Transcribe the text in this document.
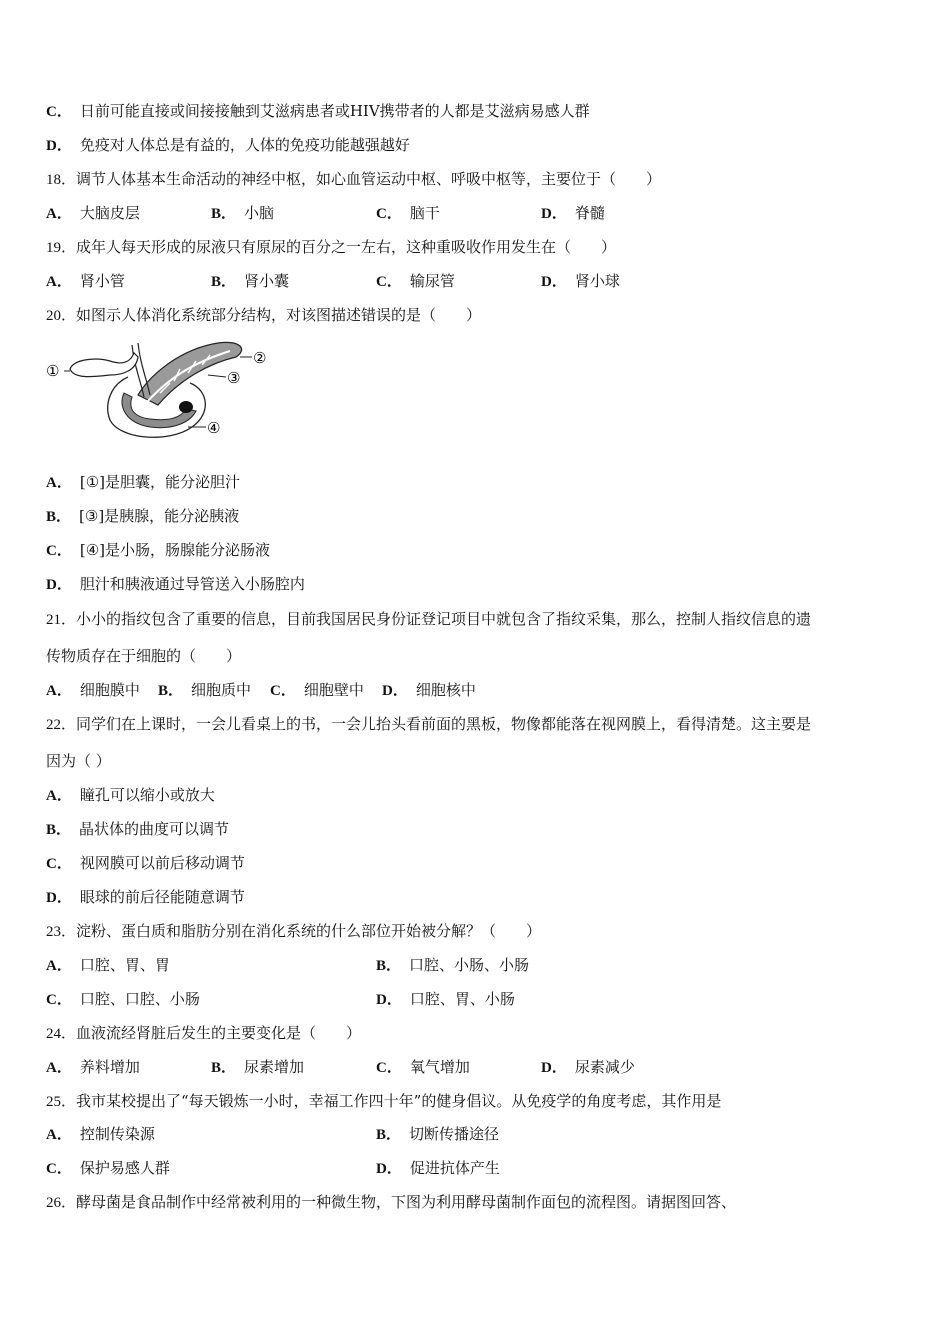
C． 日前可能直接或间接接触到艾滋病患者或HIV携带者的人都是艾滋病易感人群
D． 免疫对人体总是有益的，人体的免疫功能越强越好
18．调节人体基本生命活动的神经中枢，如心血管运动中枢、呼吸中枢等，主要位于（　　）
A． 大脑皮层	B． 小脑	C． 脑干	D． 脊髓
19．成年人每天形成的尿液只有原尿的百分之一左右，这种重吸收作用发生在（　　）
A． 肾小管	B． 肾小囊	C． 输尿管	D． 肾小球
20．如图示人体消化系统部分结构，对该图描述错误的是（　　）
①
②
③
④
A． [①]是胆囊，能分泌胆汁
B． [③]是胰腺，能分泌胰液
C． [④]是小肠，肠腺能分泌肠液
D． 胆汁和胰液通过导管送入小肠腔内
21．小小的指纹包含了重要的信息，目前我国居民身份证登记项目中就包含了指纹采集，那么，控制人指纹信息的遗
传物质存在于细胞的（　　）
A． 细胞膜中 B． 细胞质中 C． 细胞壁中 D． 细胞核中
22．同学们在上课时，一会儿看桌上的书，一会儿抬头看前面的黑板，物像都能落在视网膜上，看得清楚。这主要是
因为（ ）
A． 瞳孔可以缩小或放大
B． 晶状体的曲度可以调节
C． 视网膜可以前后移动调节
D． 眼球的前后径能随意调节
23．淀粉、蛋白质和脂肪分别在消化系统的什么部位开始被分解？（　　）
A． 口腔、胃、胃	B． 口腔、小肠、小肠
C． 口腔、口腔、小肠	D． 口腔、胃、小肠
24．血液流经肾脏后发生的主要变化是（　　）
A． 养料增加	B． 尿素增加	C． 氧气增加	D． 尿素减少
25．我市某校提出了“每天锻炼一小时，幸福工作四十年”的健身倡议。从免疫学的角度考虑，其作用是
A． 控制传染源	B． 切断传播途径
C． 保护易感人群	D． 促进抗体产生
26．酵母菌是食品制作中经常被利用的一种微生物，下图为利用酵母菌制作面包的流程图。请据图回答、
